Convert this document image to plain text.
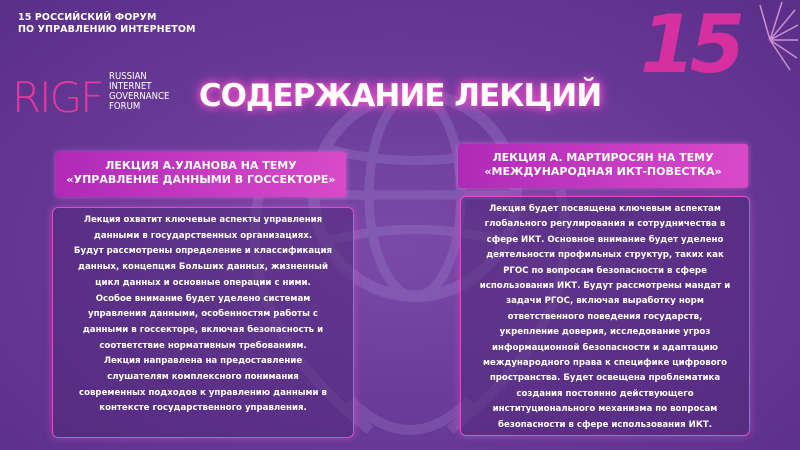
15 РОССИЙСКИЙ ФОРУМ
ПО УПРАВЛЕНИЮ ИНТЕРНЕТОМ
RIGF RUSSIAN
INTERNET
GOVERNANCE
FORUM
15
СОДЕРЖАНИЕ ЛЕКЦИЙ
ЛЕКЦИЯ А.УЛАНОВА НА ТЕМУ
«УПРАВЛЕНИЕ ДАННЫМИ В ГОССЕКТОРЕ»
ЛЕКЦИЯ А. МАРТИРОСЯН НА ТЕМУ
«МЕЖДУНАРОДНАЯ ИКТ-ПОВЕСТКА»
Лекция охватит ключевые аспекты управления
данными в государственных организациях.
Будут рассмотрены определение и классификация
данных, концепция Больших данных, жизненный
цикл данных и основные операции с ними.
Особое внимание будет уделено системам
управления данными, особенностям работы с
данными в госсекторе, включая безопасность и
соответствие нормативным требованиям.
Лекция направлена на предоставление
слушателям комплексного понимания
современных подходов к управлению данными в
контексте государственного управления.
Лекция будет посвящена ключевым аспектам
глобального регулирования и сотрудничества в
сфере ИКТ. Основное внимание будет уделено
деятельности профильных структур, таких как
РГОС по вопросам безопасности в сфере
использования ИКТ. Будут рассмотрены мандат и
задачи РГОС, включая выработку норм
ответственного поведения государств,
укрепление доверия, исследование угроз
информационной безопасности и адаптацию
международного права к специфике цифрового
пространства. Будет освещена проблематика
создания постоянно действующего
институционального механизма по вопросам
безопасности в сфере использования ИКТ.
